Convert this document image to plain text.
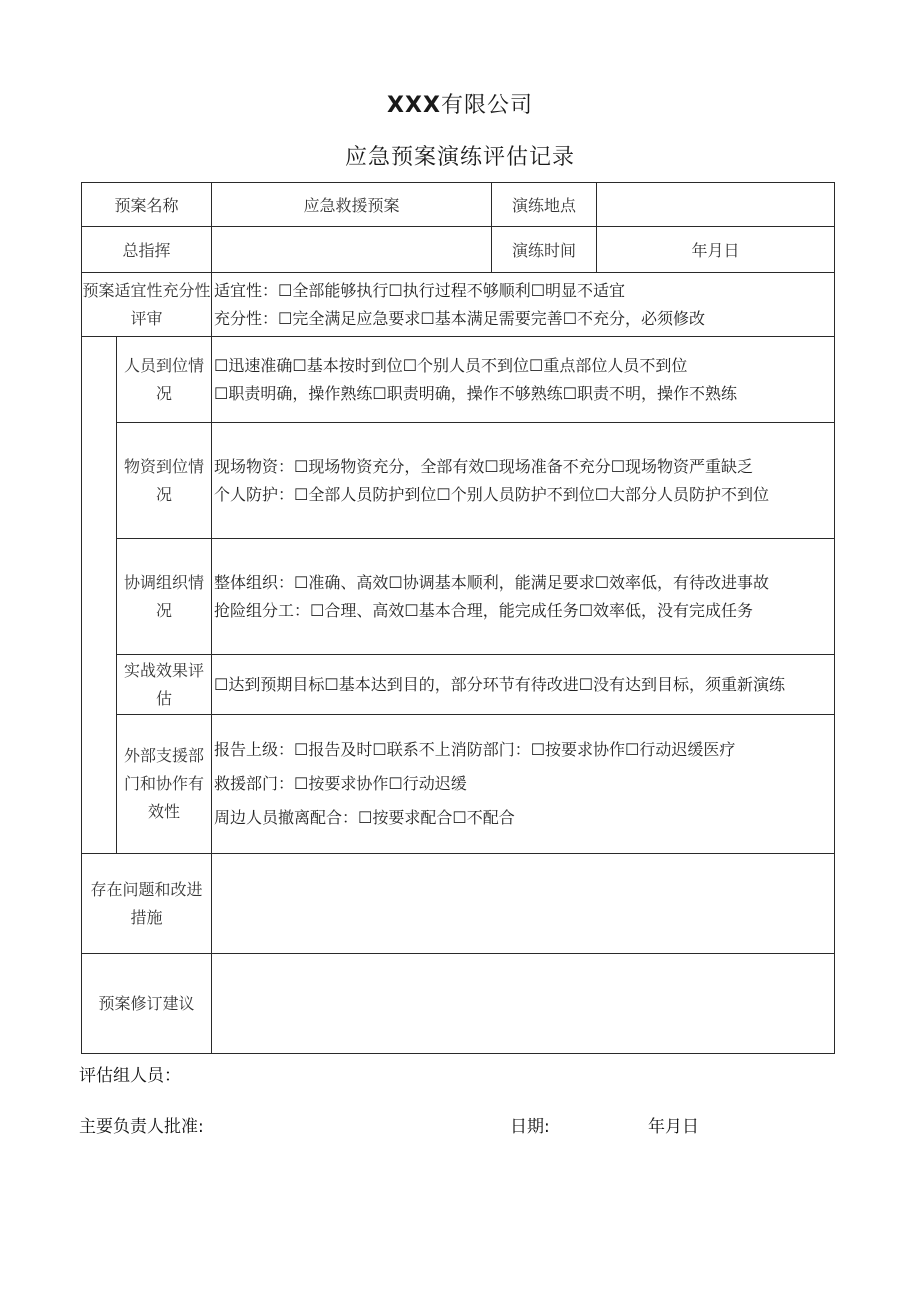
XXX有限公司
应急预案演练评估记录
预案名称		应急救援预案	演练地点	
总指挥			演练时间	年月日
预案适宜性充分性评审		适宜性：☐全部能够执行☐执行过程不够顺利☐明显不适宜
充分性：☐完全满足应急要求☐基本满足需要完善☐不充分，必须修改		

	人员到位情况	☐迅速准确☐基本按时到位☐个别人员不到位☐重点部位人员不到位
☐职责明确，操作熟练☐职责明确，操作不够熟练☐职责不明，操作不熟练		

	物资到位情况	现场物资：☐现场物资充分，全部有效☐现场准备不充分☐现场物资严重缺乏
个人防护：☐全部人员防护到位☐个别人员防护不到位☐大部分人员防护不到位		

	协调组织情况	整体组织：☐准确、高效☐协调基本顺利，能满足要求☐效率低，有待改进事故
抢险组分工：☐合理、高效☐基本合理，能完成任务☐效率低，没有完成任务		

	实战效果评估	☐达到预期目标☐基本达到目的，部分环节有待改进☐没有达到目标，须重新演练		

	外部支援部门和协作有效性	报告上级：☐报告及时☐联系不上消防部门：☐按要求协作☐行动迟缓医疗
救援部门：☐按要求协作☐行动迟缓
周边人员撤离配合：☐按要求配合☐不配合		

存在问题和改进措施				
预案修订建议				
评估组人员：
主要负责人批准:	日期:	年月日
